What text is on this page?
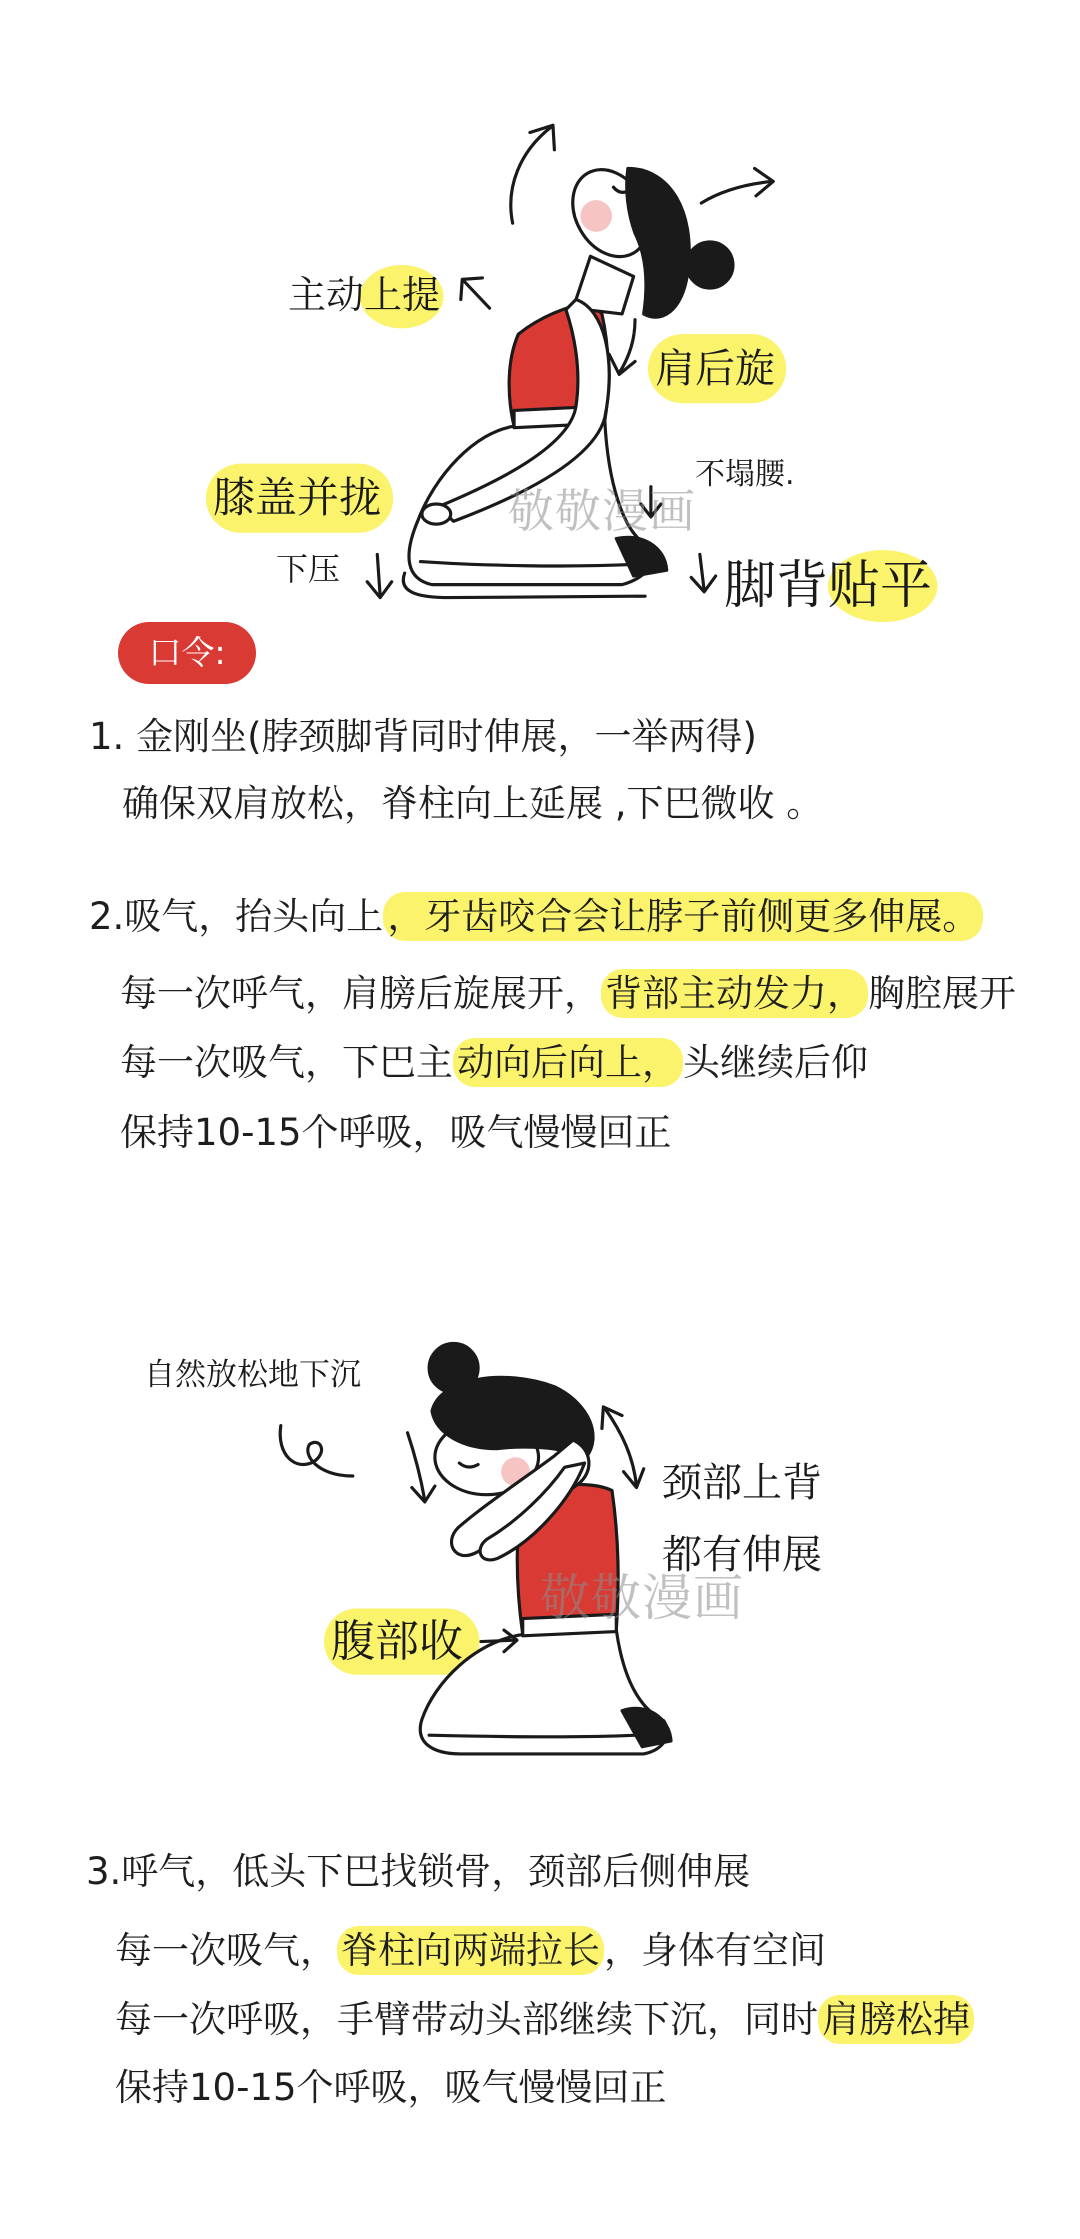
主动上提
肩后旋
膝盖并拢
下压
不塌腰.
脚背贴平
敬敬漫画
口令:
1. 金刚坐(脖颈脚背同时伸展，一举两得)
确保双肩放松，脊柱向上延展 ,下巴微收 。
2.吸气，抬头向上 ，牙齿咬合会让脖子前侧更多伸展。
每一次呼气，肩膀后旋展开， 背部主动发力， 胸腔展开
每一次吸气，下巴主 动向后向上， 头继续后仰
保持10-15个呼吸，吸气慢慢回正
自然放松地下沉
颈部上背
都有伸展
腹部收
敬敬漫画
3.呼气，低头下巴找锁骨，颈部后侧伸展
每一次吸气， 脊柱向两端拉长 ，身体有空间
每一次呼吸，手臂带动头部继续下沉，同时 肩膀松掉
保持10-15个呼吸，吸气慢慢回正
